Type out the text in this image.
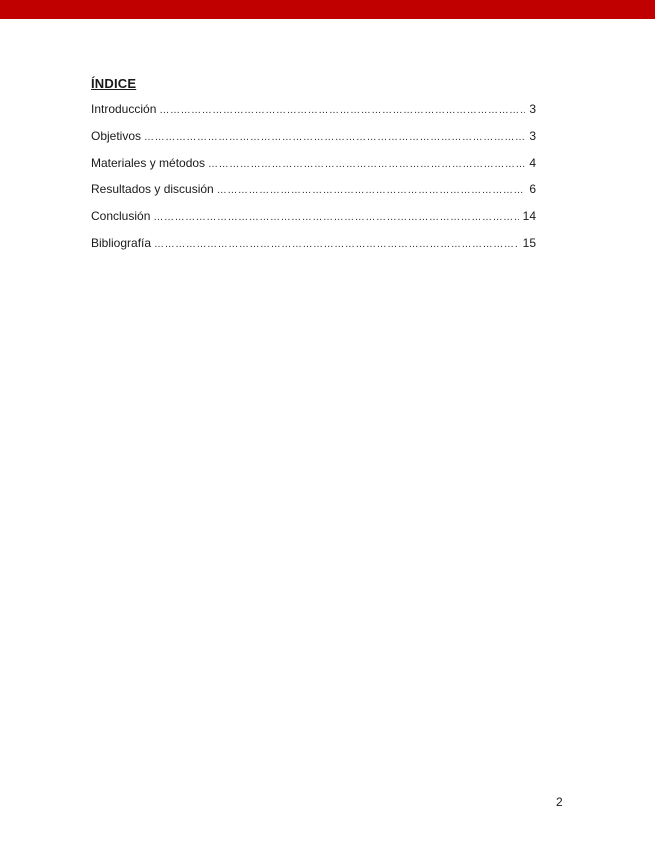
ÍNDICE
Introducción ………………………………………………………………………………………………………………………………………………………………………………	3
Objetivos ………………………………………………………………………………………………………………………………………………………………………………	3
Materiales y métodos ………………………………………………………………………………………………………………………………………………………………………………	4
Resultados y discusión ………………………………………………………………………………………………………………………………………………………………………………	6
Conclusión ………………………………………………………………………………………………………………………………………………………………………………	14
Bibliografía ………………………………………………………………………………………………………………………………………………………………………………	15
2
